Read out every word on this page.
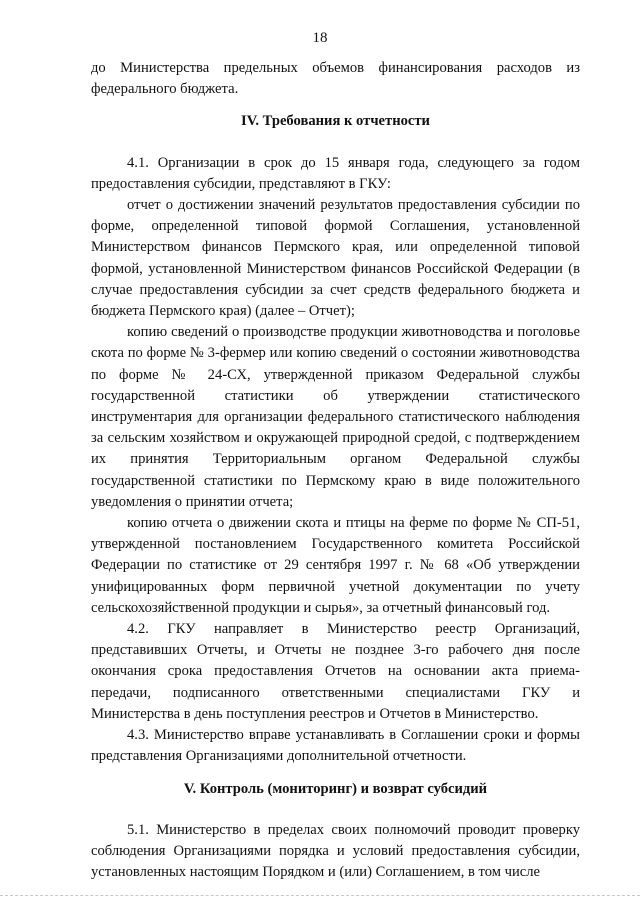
18

до Министерства предельных объемов финансирования расходов из федерального бюджета.

IV. Требования к отчетности

4.1. Организации в срок до 15 января года, следующего за годом предоставления субсидии, представляют в ГКУ:

отчет о достижении значений результатов предоставления субсидии по форме, определенной типовой формой Соглашения, установленной Министерством финансов Пермского края, или определенной типовой формой, установленной Министерством финансов Российской Федерации (в случае предоставления субсидии за счет средств федерального бюджета и бюджета Пермского края) (далее – Отчет);

копию сведений о производстве продукции животноводства и поголовье скота по форме № 3-фермер или копию сведений о состоянии животноводства по форме № 24-СХ, утвержденной приказом Федеральной службы государственной статистики об утверждении статистического инструментария для организации федерального статистического наблюдения за сельским хозяйством и окружающей природной средой, с подтверждением их принятия Территориальным органом Федеральной службы государственной статистики по Пермскому краю в виде положительного уведомления о принятии отчета;

копию отчета о движении скота и птицы на ферме по форме № СП-51, утвержденной постановлением Государственного комитета Российской Федерации по статистике от 29 сентября 1997 г. № 68 «Об утверждении унифицированных форм первичной учетной документации по учету сельскохозяйственной продукции и сырья», за отчетный финансовый год.

4.2. ГКУ направляет в Министерство реестр Организаций, представивших Отчеты, и Отчеты не позднее 3-го рабочего дня после окончания срока предоставления Отчетов на основании акта приема-передачи, подписанного ответственными специалистами ГКУ и Министерства в день поступления реестров и Отчетов в Министерство.

4.3. Министерство вправе устанавливать в Соглашении сроки и формы представления Организациями дополнительной отчетности.

V. Контроль (мониторинг) и возврат субсидий

5.1. Министерство в пределах своих полномочий проводит проверку соблюдения Организациями порядка и условий предоставления субсидии, установленных настоящим Порядком и (или) Соглашением, в том числе
